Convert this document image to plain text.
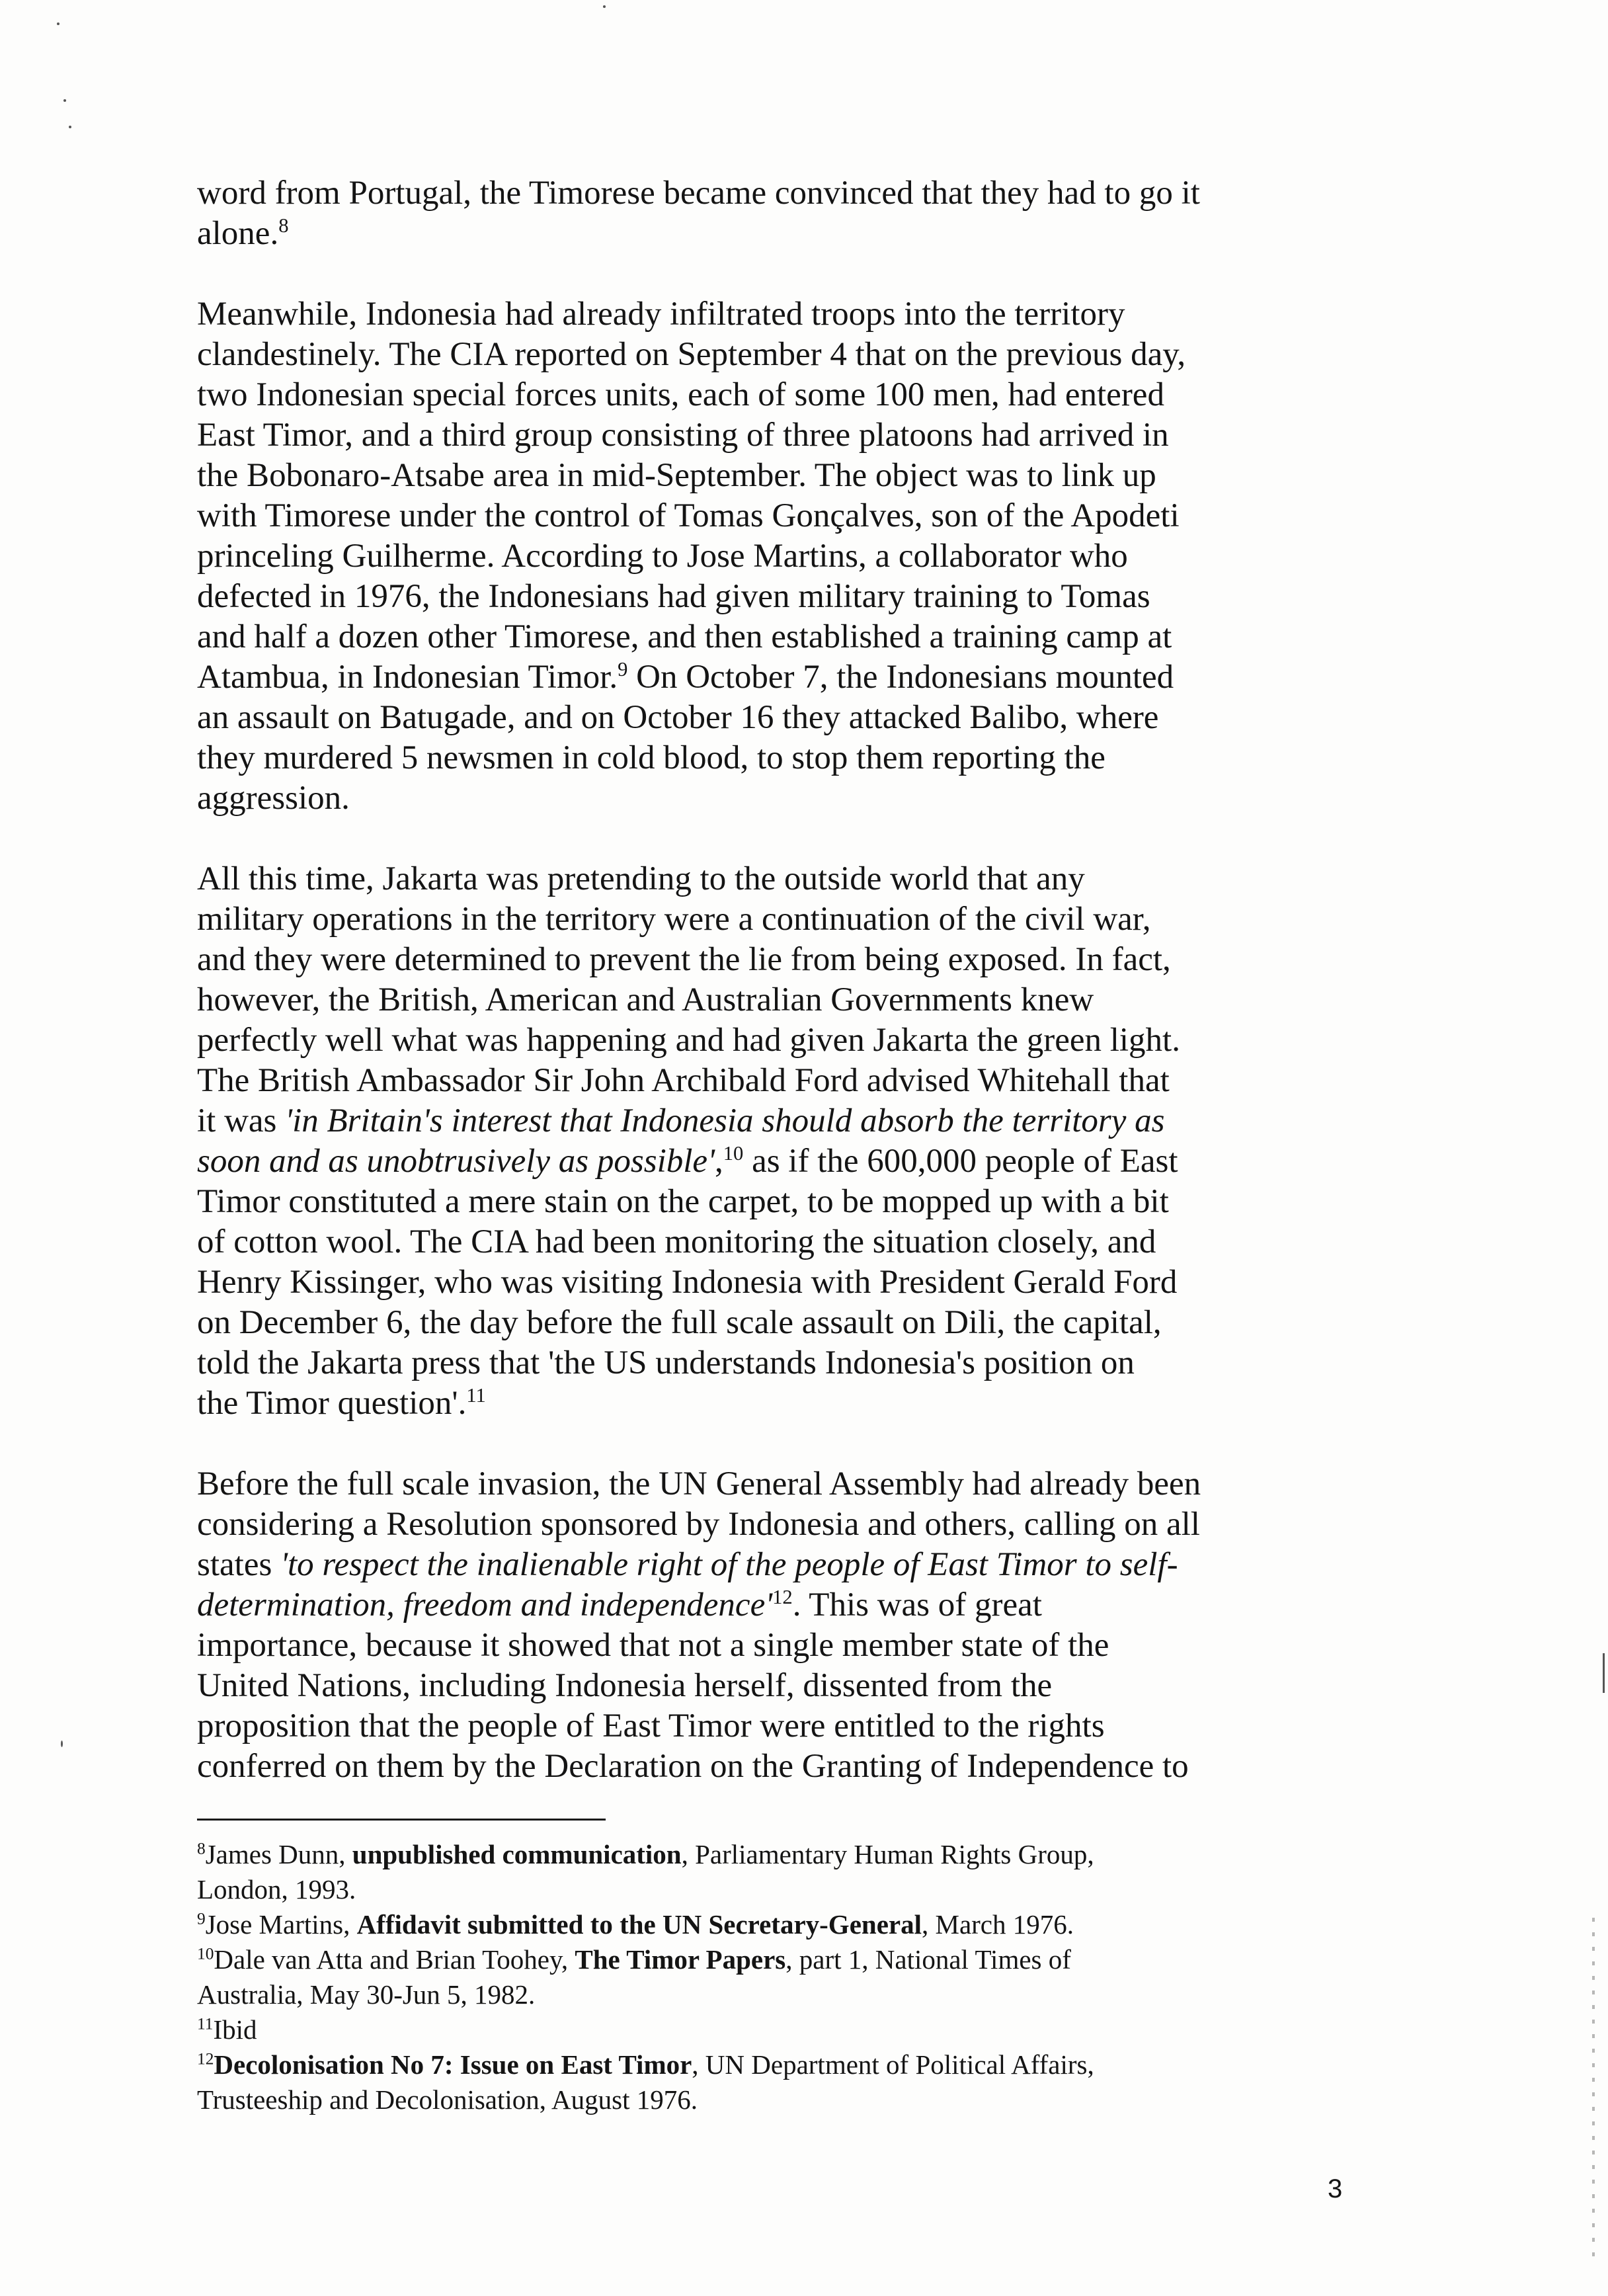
word from Portugal, the Timorese became convinced that they had to go it
alone.$^8$
Meanwhile, Indonesia had already infiltrated troops into the territory
clandestinely. The CIA reported on September 4 that on the previous day,
two Indonesian special forces units, each of some 100 men, had entered
East Timor, and a third group consisting of three platoons had arrived in
the Bobonaro-Atsabe area in mid-September. The object was to link up
with Timorese under the control of Tomas Gonçalves, son of the Apodeti
princeling Guilherme. According to Jose Martins, a collaborator who
defected in 1976, the Indonesians had given military training to Tomas
and half a dozen other Timorese, and then established a training camp at
Atambua, in Indonesian Timor.$^9$ On October 7, the Indonesians mounted
an assault on Batugade, and on October 16 they attacked Balibo, where
they murdered 5 newsmen in cold blood, to stop them reporting the
aggression.
All this time, Jakarta was pretending to the outside world that any
military operations in the territory were a continuation of the civil war,
and they were determined to prevent the lie from being exposed. In fact,
however, the British, American and Australian Governments knew
perfectly well what was happening and had given Jakarta the green light.
The British Ambassador Sir John Archibald Ford advised Whitehall that
it was 'in Britain's interest that Indonesia should absorb the territory as
soon and as unobtrusively as possible',$^{10}$ as if the 600,000 people of East
Timor constituted a mere stain on the carpet, to be mopped up with a bit
of cotton wool. The CIA had been monitoring the situation closely, and
Henry Kissinger, who was visiting Indonesia with President Gerald Ford
on December 6, the day before the full scale assault on Dili, the capital,
told the Jakarta press that 'the US understands Indonesia's position on
the Timor question'.$^{11}$
Before the full scale invasion, the UN General Assembly had already been
considering a Resolution sponsored by Indonesia and others, calling on all
states 'to respect the inalienable right of the people of East Timor to self-
determination, freedom and $independence'^{12}$. This was of great
importance, because it showed that not a single member state of the
United Nations, including Indonesia herself, dissented from the
proposition that the people of East Timor were entitled to the rights
conferred on them by the Declaration on the Granting of Independence to
$^8$James Dunn, unpublished communication, Parliamentary Human Rights Group,
London, 1993.
$^9$Jose Martins, Affidavit submitted to the UN Secretary-General, March 1976.
$^{10}$Dale van Atta and Brian Toohey, The Timor Papers, part 1, National Times of
Australia, May 30-Jun 5, 1982.
$^{11}$Ibid
$^{12}$Decolonisation No 7: Issue on East Timor, UN Department of Political Affairs,
Trusteeship and Decolonisation, August 1976.
3
